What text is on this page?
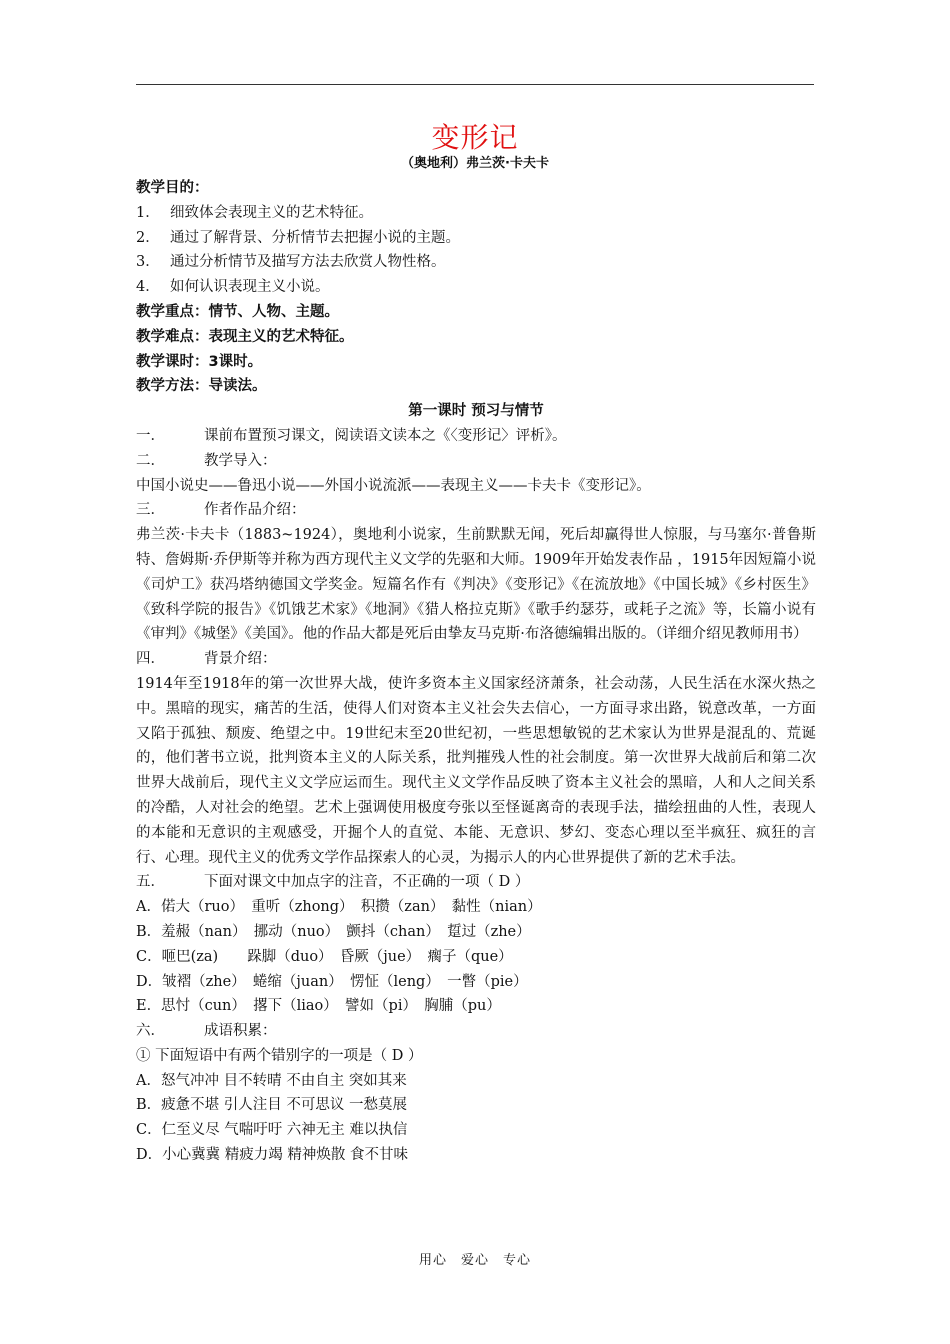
变形记
（奥地利）弗兰茨·卡夫卡
教学目的：
1． 细致体会表现主义的艺术特征。
2． 通过了解背景、分析情节去把握小说的主题。
3． 通过分析情节及描写方法去欣赏人物性格。
4． 如何认识表现主义小说。
教学重点：情节、人物、主题。
教学难点：表现主义的艺术特征。
教学课时：3课时。
教学方法：导读法。
第一课时 预习与情节
一．	课前布置预习课文，阅读语文读本之《〈变形记〉评析》。
二．	教学导入：
中国小说史——鲁迅小说——外国小说流派——表现主义——卡夫卡《变形记》。
三．	作者作品介绍：
弗兰茨·卡夫卡（1883~1924），奥地利小说家，生前默默无闻，死后却赢得世人惊服，与马塞尔·普鲁斯特、詹姆斯·乔伊斯等并称为西方现代主义文学的先驱和大师。1909年开始发表作品 ，1915年因短篇小说《司炉工》获冯塔纳德国文学奖金。短篇名作有《判决》《变形记》《在流放地》《中国长城》《乡村医生》《致科学院的报告》《饥饿艺术家》《地洞》《猎人格拉克斯》《歌手约瑟芬，或耗子之流》等，长篇小说有《审判》《城堡》《美国》。他的作品大都是死后由挚友马克斯·布洛德编辑出版的。（详细介绍见教师用书）
四．	背景介绍：
1914年至1918年的第一次世界大战，使许多资本主义国家经济萧条，社会动荡，人民生活在水深火热之中。黑暗的现实，痛苦的生活，使得人们对资本主义社会失去信心，一方面寻求出路，锐意改革，一方面又陷于孤独、颓废、绝望之中。19世纪末至20世纪初，一些思想敏锐的艺术家认为世界是混乱的、荒诞的，他们著书立说，批判资本主义的人际关系，批判摧残人性的社会制度。第一次世界大战前后和第二次世界大战前后，现代主义文学应运而生。现代主义文学作品反映了资本主义社会的黑暗，人和人之间关系的冷酷，人对社会的绝望。艺术上强调使用极度夸张以至怪诞离奇的表现手法，描绘扭曲的人性，表现人的本能和无意识的主观感受，开掘个人的直觉、本能、无意识、梦幻、变态心理以至半疯狂、疯狂的言行、心理。现代主义的优秀文学作品探索人的心灵，为揭示人的内心世界提供了新的艺术手法。
五．	下面对课文中加点字的注音，不正确的一项（ D ）
A．偌大（ruo）　重听（zhong）　积攒（zan）　黏性（nian）
B．羞赧（nan）　挪动（nuo）　颤抖（chan）　踅过（zhe）
C．咂巴(za)　　跺脚（duo）　昏厥（jue）　瘸子（que）
D．皱褶（zhe）　蜷缩（juan）　愣怔（leng）　一瞥（pie）
E．思忖（cun）　撂下（liao）　譬如（pi）　胸脯（pu）
六．	成语积累：
① 下面短语中有两个错别字的一项是（ D ）
A．怒气冲冲 目不转晴 不由自主 突如其来
B．疲惫不堪 引人注目 不可思议 一愁莫展
C．仁至义尽 气喘吁吁 六神无主 难以执信
D．小心冀冀 精疲力竭 精神焕散 食不甘味
用心　爱心　专心
